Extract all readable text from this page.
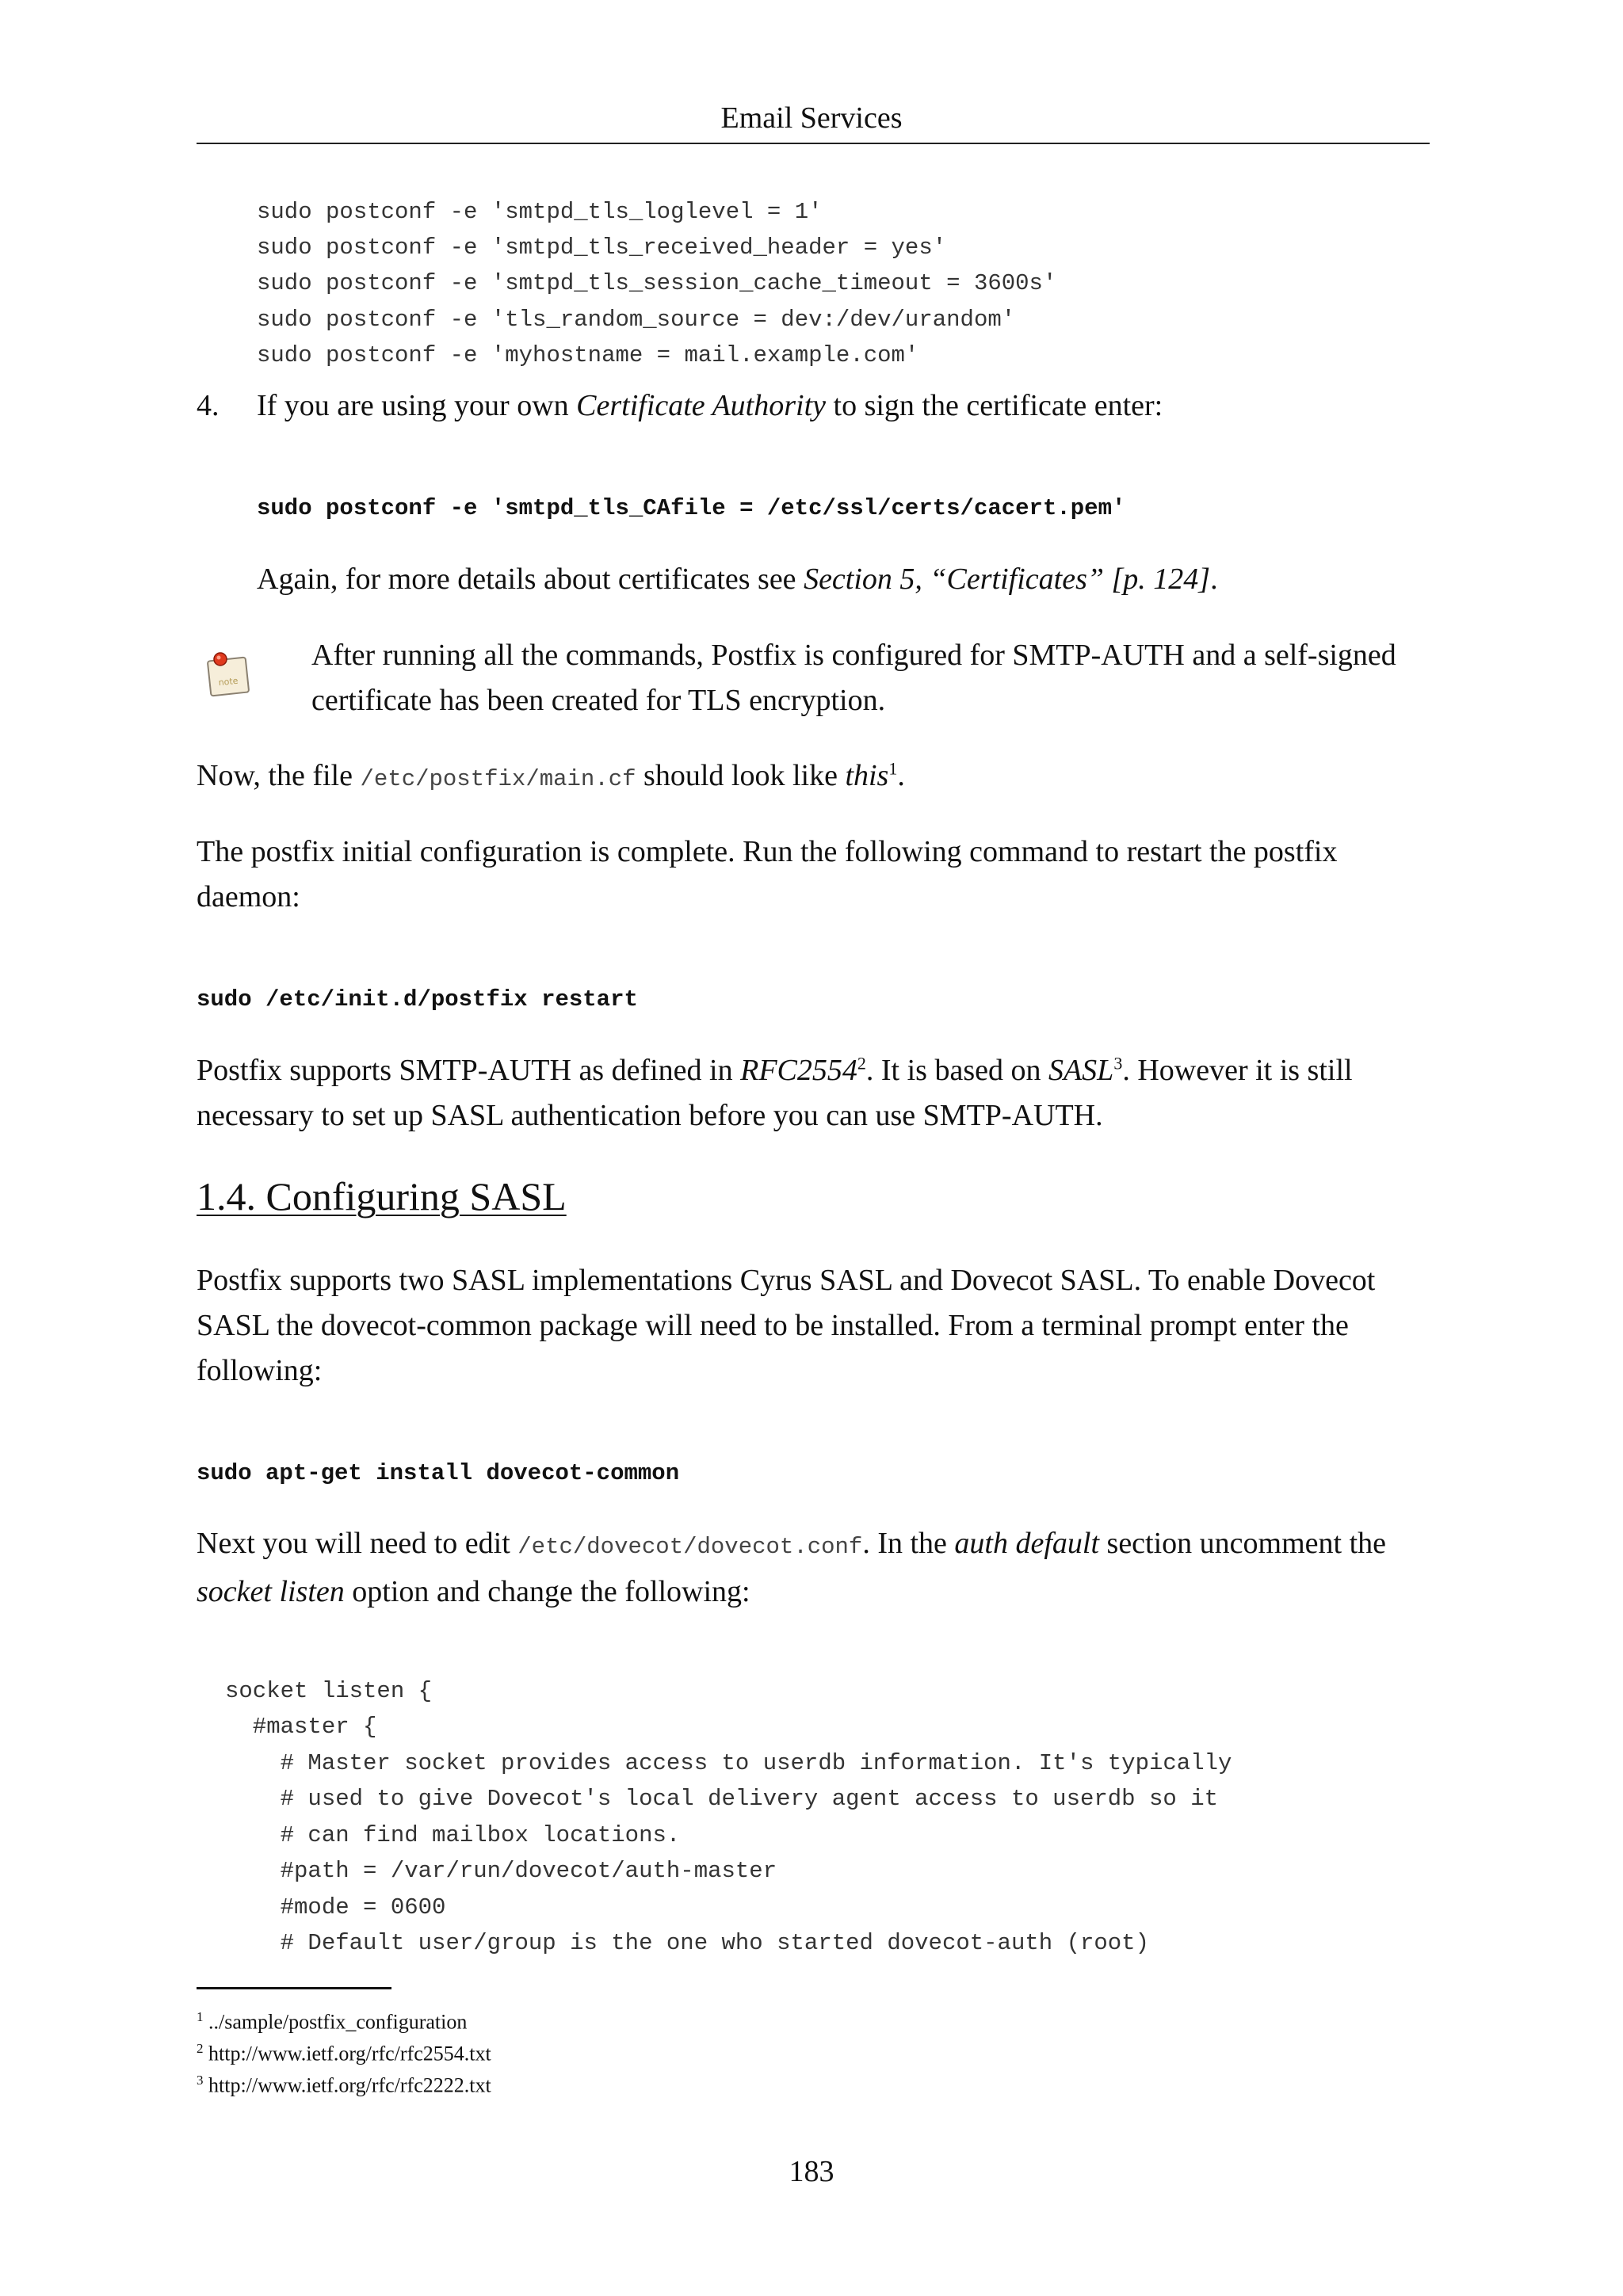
Email Services
sudo postconf -e 'smtpd_tls_loglevel = 1'
sudo postconf -e 'smtpd_tls_received_header = yes'
sudo postconf -e 'smtpd_tls_session_cache_timeout = 3600s'
sudo postconf -e 'tls_random_source = dev:/dev/urandom'
sudo postconf -e 'myhostname = mail.example.com'
4. If you are using your own Certificate Authority to sign the certificate enter:
sudo postconf -e 'smtpd_tls_CAfile = /etc/ssl/certs/cacert.pem'
Again, for more details about certificates see Section 5, “Certificates” [p. 124].
note
After running all the commands, Postfix is configured for SMTP-AUTH and a self-signed
certificate has been created for TLS encryption.
Now, the file /etc/postfix/main.cf should look like this$^1$.
The postfix initial configuration is complete. Run the following command to restart the postfix
daemon:
sudo /etc/init.d/postfix restart
Postfix supports SMTP-AUTH as defined in RFC2554$^2$. It is based on SASL$^3$. However it is still
necessary to set up SASL authentication before you can use SMTP-AUTH.
1.4. Configuring SASL
Postfix supports two SASL implementations Cyrus SASL and Dovecot SASL. To enable Dovecot
SASL the dovecot-common package will need to be installed. From a terminal prompt enter the
following:
sudo apt-get install dovecot-common
Next you will need to edit /etc/dovecot/dovecot.conf. In the auth default section uncomment the
socket listen option and change the following:
socket listen {
#master {
# Master socket provides access to userdb information. It's typically
# used to give Dovecot's local delivery agent access to userdb so it
# can find mailbox locations.
#path = /var/run/dovecot/auth-master
#mode = 0600
# Default user/group is the one who started dovecot-auth (root)
$^1$ ../sample/postfix_configuration
$^2$ http://www.ietf.org/rfc/rfc2554.txt
$^3$ http://www.ietf.org/rfc/rfc2222.txt
183
